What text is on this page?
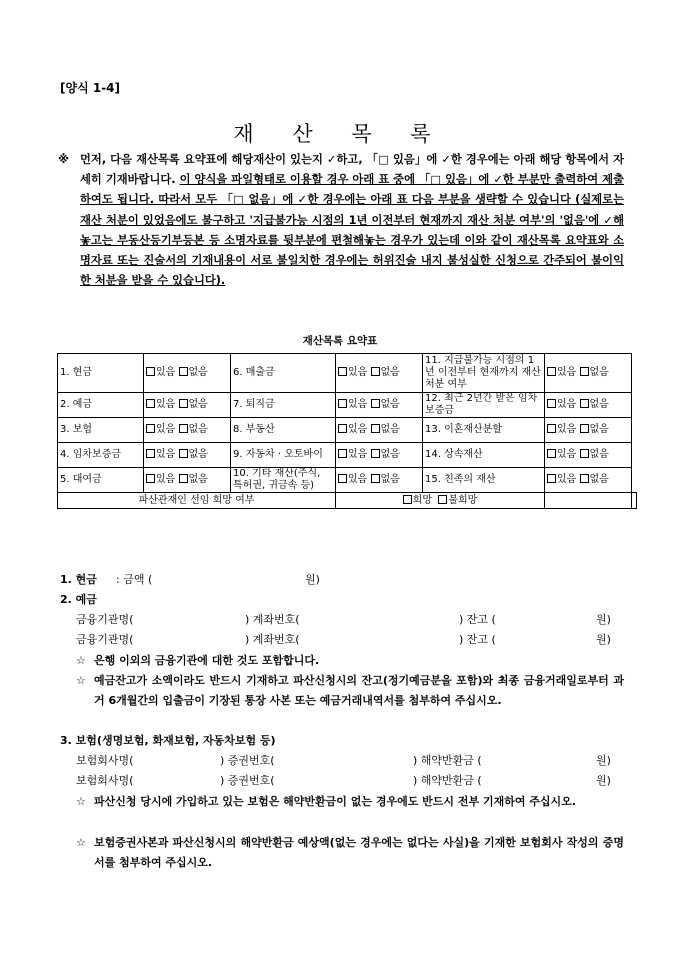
[양식 1-4]
재 산 목 록
※ 먼저, 다음 재산목록 요약표에 해당재산이 있는지 ✓하고, 「□ 있음」에 ✓한 경우에는 아래 해당 항목에서 자세히 기재바랍니다. 이 양식을 파일형태로 이용할 경우 아래 표 중에 「□ 있음」에 ✓한 부분만 출력하여 제출하여도 됩니다. 따라서 모두 「□ 없음」에 ✓한 경우에는 아래 표 다음 부분을 생략할 수 있습니다 (실제로는 재산 처분이 있었음에도 불구하고 '지급불가능 시점의 1년 이전부터 현재까지 재산 처분 여부'의 '없음'에 ✓해놓고는 부동산등기부등본 등 소명자료를 뒷부분에 편철해놓는 경우가 있는데 이와 같이 재산목록 요약표와 소명자료 또는 진술서의 기재내용이 서로 불일치한 경우에는 허위진술 내지 불성실한 신청으로 간주되어 불이익한 처분을 받을 수 있습니다).
재산목록 요약표
1. 현금	있음 없음	6. 매출금	있음 없음	11. 지급불가능 시점의 1년 이전부터 현재까지 재산 처분 여부	있음 없음	
2. 예금	있음 없음	7. 퇴직금	있음 없음	12. 최근 2년간 받은 임차보증금	있음 없음	
3. 보험	있음 없음	8. 부동산	있음 없음	13. 이혼재산분할	있음 없음	
4. 임차보증금	있음 없음	9. 자동차 · 오토바이	있음 없음	14. 상속재산	있음 없음	
5. 대여금	있음 없음	10. 기타 재산(주식, 특허권, 귀금속 등)	있음 없음	15. 친족의 재산	있음 없음	
파산관재인 선임 희망 여부			희망 불희망			
1. 현금 : 금액 (	원)
2. 예금
금융기관명(	) 계좌번호(	) 잔고 (	원)
금융기관명(	) 계좌번호(	) 잔고 (	원)
☆ 은행 이외의 금융기관에 대한 것도 포함합니다.
☆ 예금잔고가 소액이라도 반드시 기재하고 파산신청시의 잔고(정기예금분을 포함)와 최종 금융거래일로부터 과거 6개월간의 입출금이 기장된 통장 사본 또는 예금거래내역서를 첨부하여 주십시오.
3. 보험(생명보험, 화재보험, 자동차보험 등)
보험회사명(	) 증권번호(	) 해약반환금 (	원)
보험회사명(	) 증권번호(	) 해약반환금 (	원)
☆ 파산신청 당시에 가입하고 있는 보험은 해약반환금이 없는 경우에도 반드시 전부 기재하여 주십시오.
☆ 보험증권사본과 파산신청시의 해약반환금 예상액(없는 경우에는 없다는 사실)을 기재한 보험회사 작성의 증명서를 첨부하여 주십시오.
